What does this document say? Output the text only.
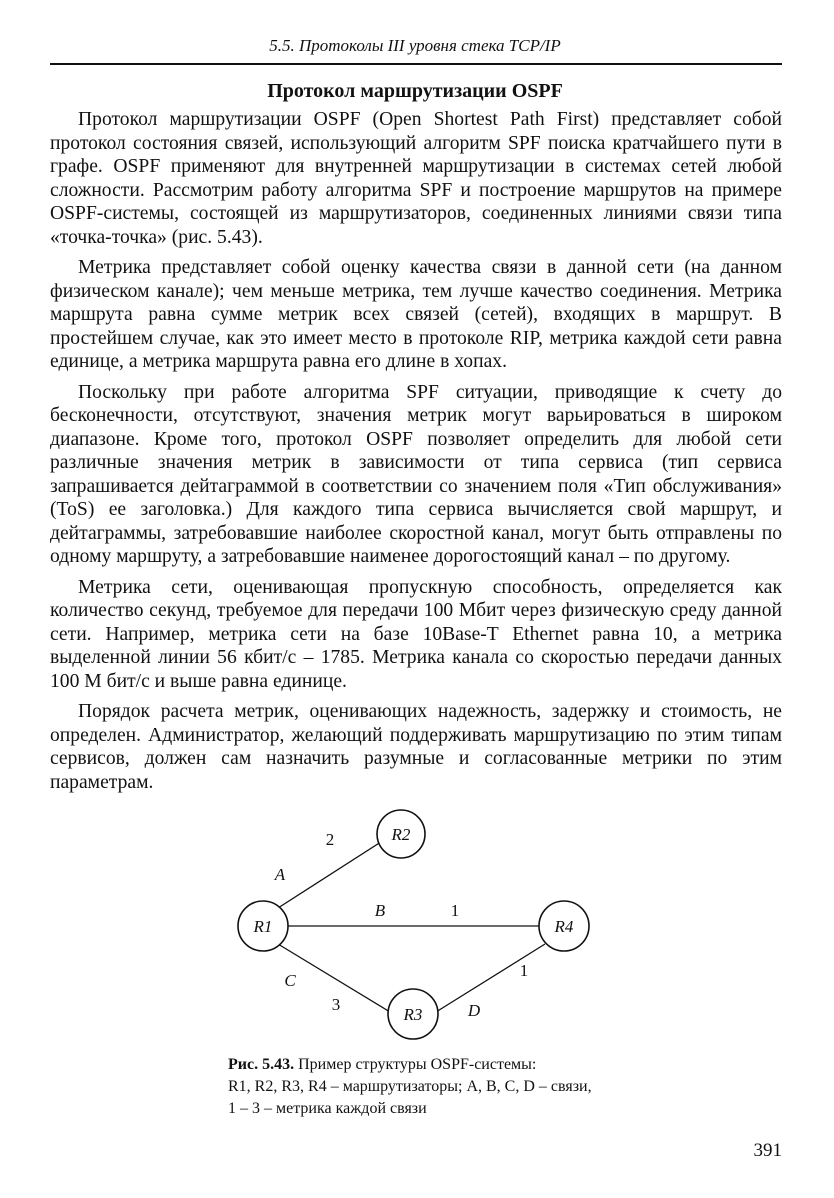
5.5. Протоколы III уровня стека TCP/IP
Протокол маршрутизации OSPF

Протокол маршрутизации OSPF (Open Shortest Path First) представляет собой протокол состояния связей, использующий алгоритм SPF поиска кратчайшего пути в графе. OSPF применяют для внутренней маршрутизации в системах сетей любой сложности. Рассмотрим работу алгоритма SPF и построение маршрутов на примере OSPF-системы, состоящей из маршрутизаторов, соединенных линиями связи типа «точка-точка» (рис. 5.43).

Метрика представляет собой оценку качества связи в данной сети (на данном физическом канале); чем меньше метрика, тем лучше качество соединения. Метрика маршрута равна сумме метрик всех связей (сетей), входящих в маршрут. В простейшем случае, как это имеет место в протоколе RIP, метрика каждой сети равна единице, а метрика маршрута равна его длине в хопах.

Поскольку при работе алгоритма SPF ситуации, приводящие к счету до бесконечности, отсутствуют, значения метрик могут варьироваться в широком диапазоне. Кроме того, протокол OSPF позволяет определить для любой сети различные значения метрик в зависимости от типа сервиса (тип сервиса запрашивается дейтаграммой в соответствии со значением поля «Тип обслуживания» (ToS) ее заголовка.) Для каждого типа сервиса вычисляется свой маршрут, и дейтаграммы, затребовавшие наиболее скоростной канал, могут быть отправлены по одному маршруту, а затребовавшие наименее дорогостоящий канал – по другому.

Метрика сети, оценивающая пропускную способность, определяется как количество секунд, требуемое для передачи 100 Мбит через физическую среду данной сети. Например, метрика сети на базе 10Base-T Ethernet равна 10, а метрика выделенной линии 56 кбит/с – 1785. Метрика канала со скоростью передачи данных 100 М бит/с и выше равна единице.

Порядок расчета метрик, оценивающих надежность, задержку и стоимость, не определен. Администратор, желающий поддерживать маршрутизацию по этим типам сервисов, должен сам назначить разумные и согласованные метрики по этим параметрам.

R2
R1	R4
R3
A
B
C
D
2
1
3
1
Рис. 5.43. Пример структуры OSPF-системы:
R1, R2, R3, R4 – маршрутизаторы; A, B, C, D – связи,
1 – 3 – метрика каждой связи
391
